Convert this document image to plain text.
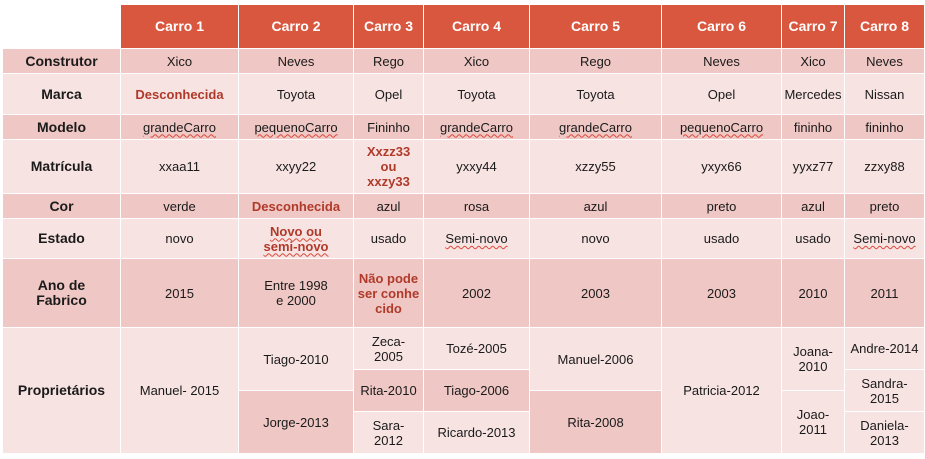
	Carro 1	Carro 2	Carro 3	Carro 4	Carro 5	Carro 6	Carro 7	Carro 8
Construtor	Xico	Neves	Rego	Xico	Rego	Neves	Xico	Neves
Marca	Desconhecida	Toyota	Opel	Toyota	Toyota	Opel	Mercedes	Nissan
Modelo	grandeCarro	pequenoCarro	Fininho	grandeCarro	grandeCarro	pequenoCarro	fininho	fininho
Matrícula	xxaa11	xxyy22	Xxzz33 ou xxzy33	yxxy44	xzzy55	yxyx66	yyxz77	zzxy88
Cor	verde	Desconhecida	azul	rosa	azul	preto	azul	preto
Estado	novo	Novo ou semi-novo	usado	Semi-novo	novo	usado	usado	Semi-novo
Ano de Fabrico	2015	Entre 1998 e 2000	Não pode ser conhecido	2002	2003	2003	2010	2011
Proprietários	Manuel- 2015	Tiago-2010	Zeca-2005	Tozé-2005	Manuel-2006	Patricia-2012	Joana-2010	Andre-2014

			Rita-2010	Tiago-2006				Sandra-2015
		Jorge-2013			Rita-2008		Joao-2011	
			Sara-2012	Ricardo-2013				Daniela-2013
